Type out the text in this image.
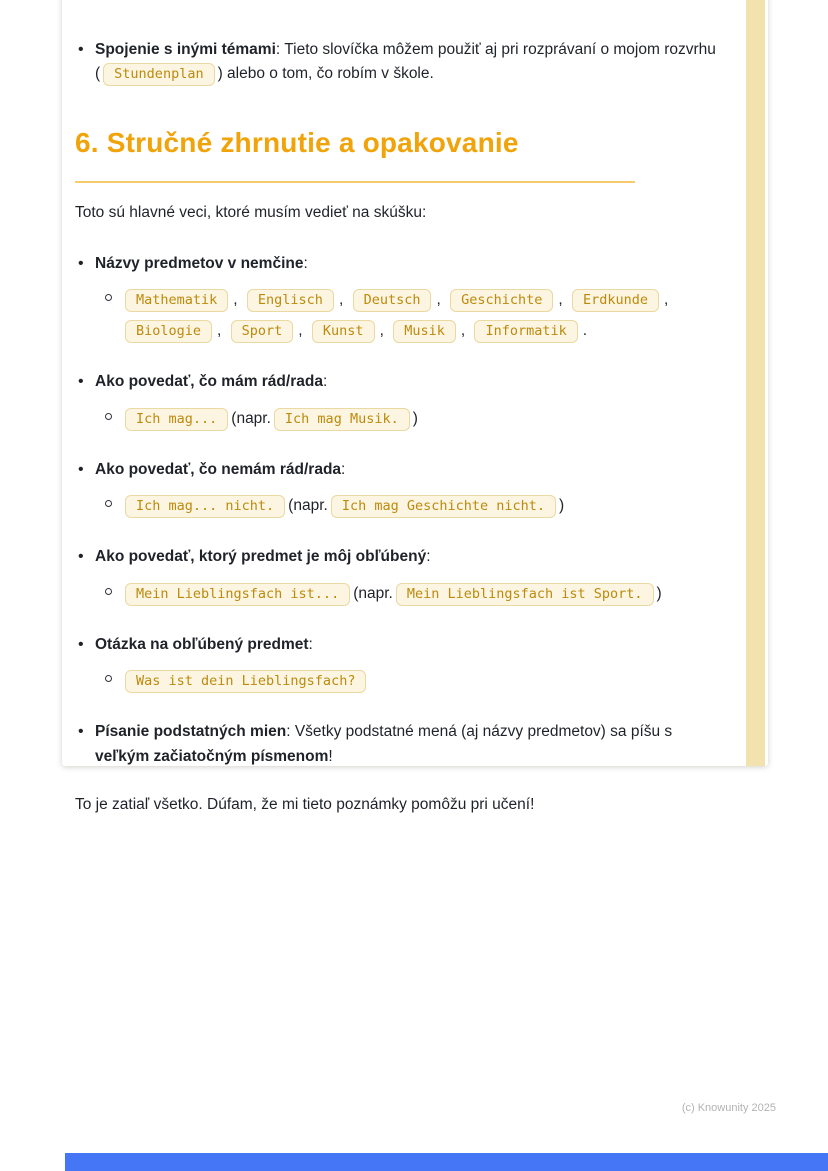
• Spojenie s inými témami: Tieto slovíčka môžem použiť aj pri rozprávaní o mojom rozvrhu ( Stundenplan ) alebo o tom, čo robím v škole.
6. Stručné zhrnutie a opakovanie

Toto sú hlavné veci, ktoré musím vedieť na skúšku:

• Názvy predmetov v nemčine:
Mathematik , Englisch , Deutsch , Geschichte , Erdkunde , Biologie , Sport , Kunst , Musik , Informatik .
• Ako povedať, čo mám rád/rada:
Ich mag... (napr. Ich mag Musik. )
• Ako povedať, čo nemám rád/rada:
Ich mag... nicht. (napr. Ich mag Geschichte nicht. )
• Ako povedať, ktorý predmet je môj obľúbený:
Mein Lieblingsfach ist... (napr. Mein Lieblingsfach ist Sport. )
• Otázka na obľúbený predmet:
Was ist dein Lieblingsfach?
• Písanie podstatných mien: Všetky podstatné mená (aj názvy predmetov) sa píšu s veľkým začiatočným písmenom!

To je zatiaľ všetko. Dúfam, že mi tieto poznámky pomôžu pri učení!

(c) Knowunity 2025
